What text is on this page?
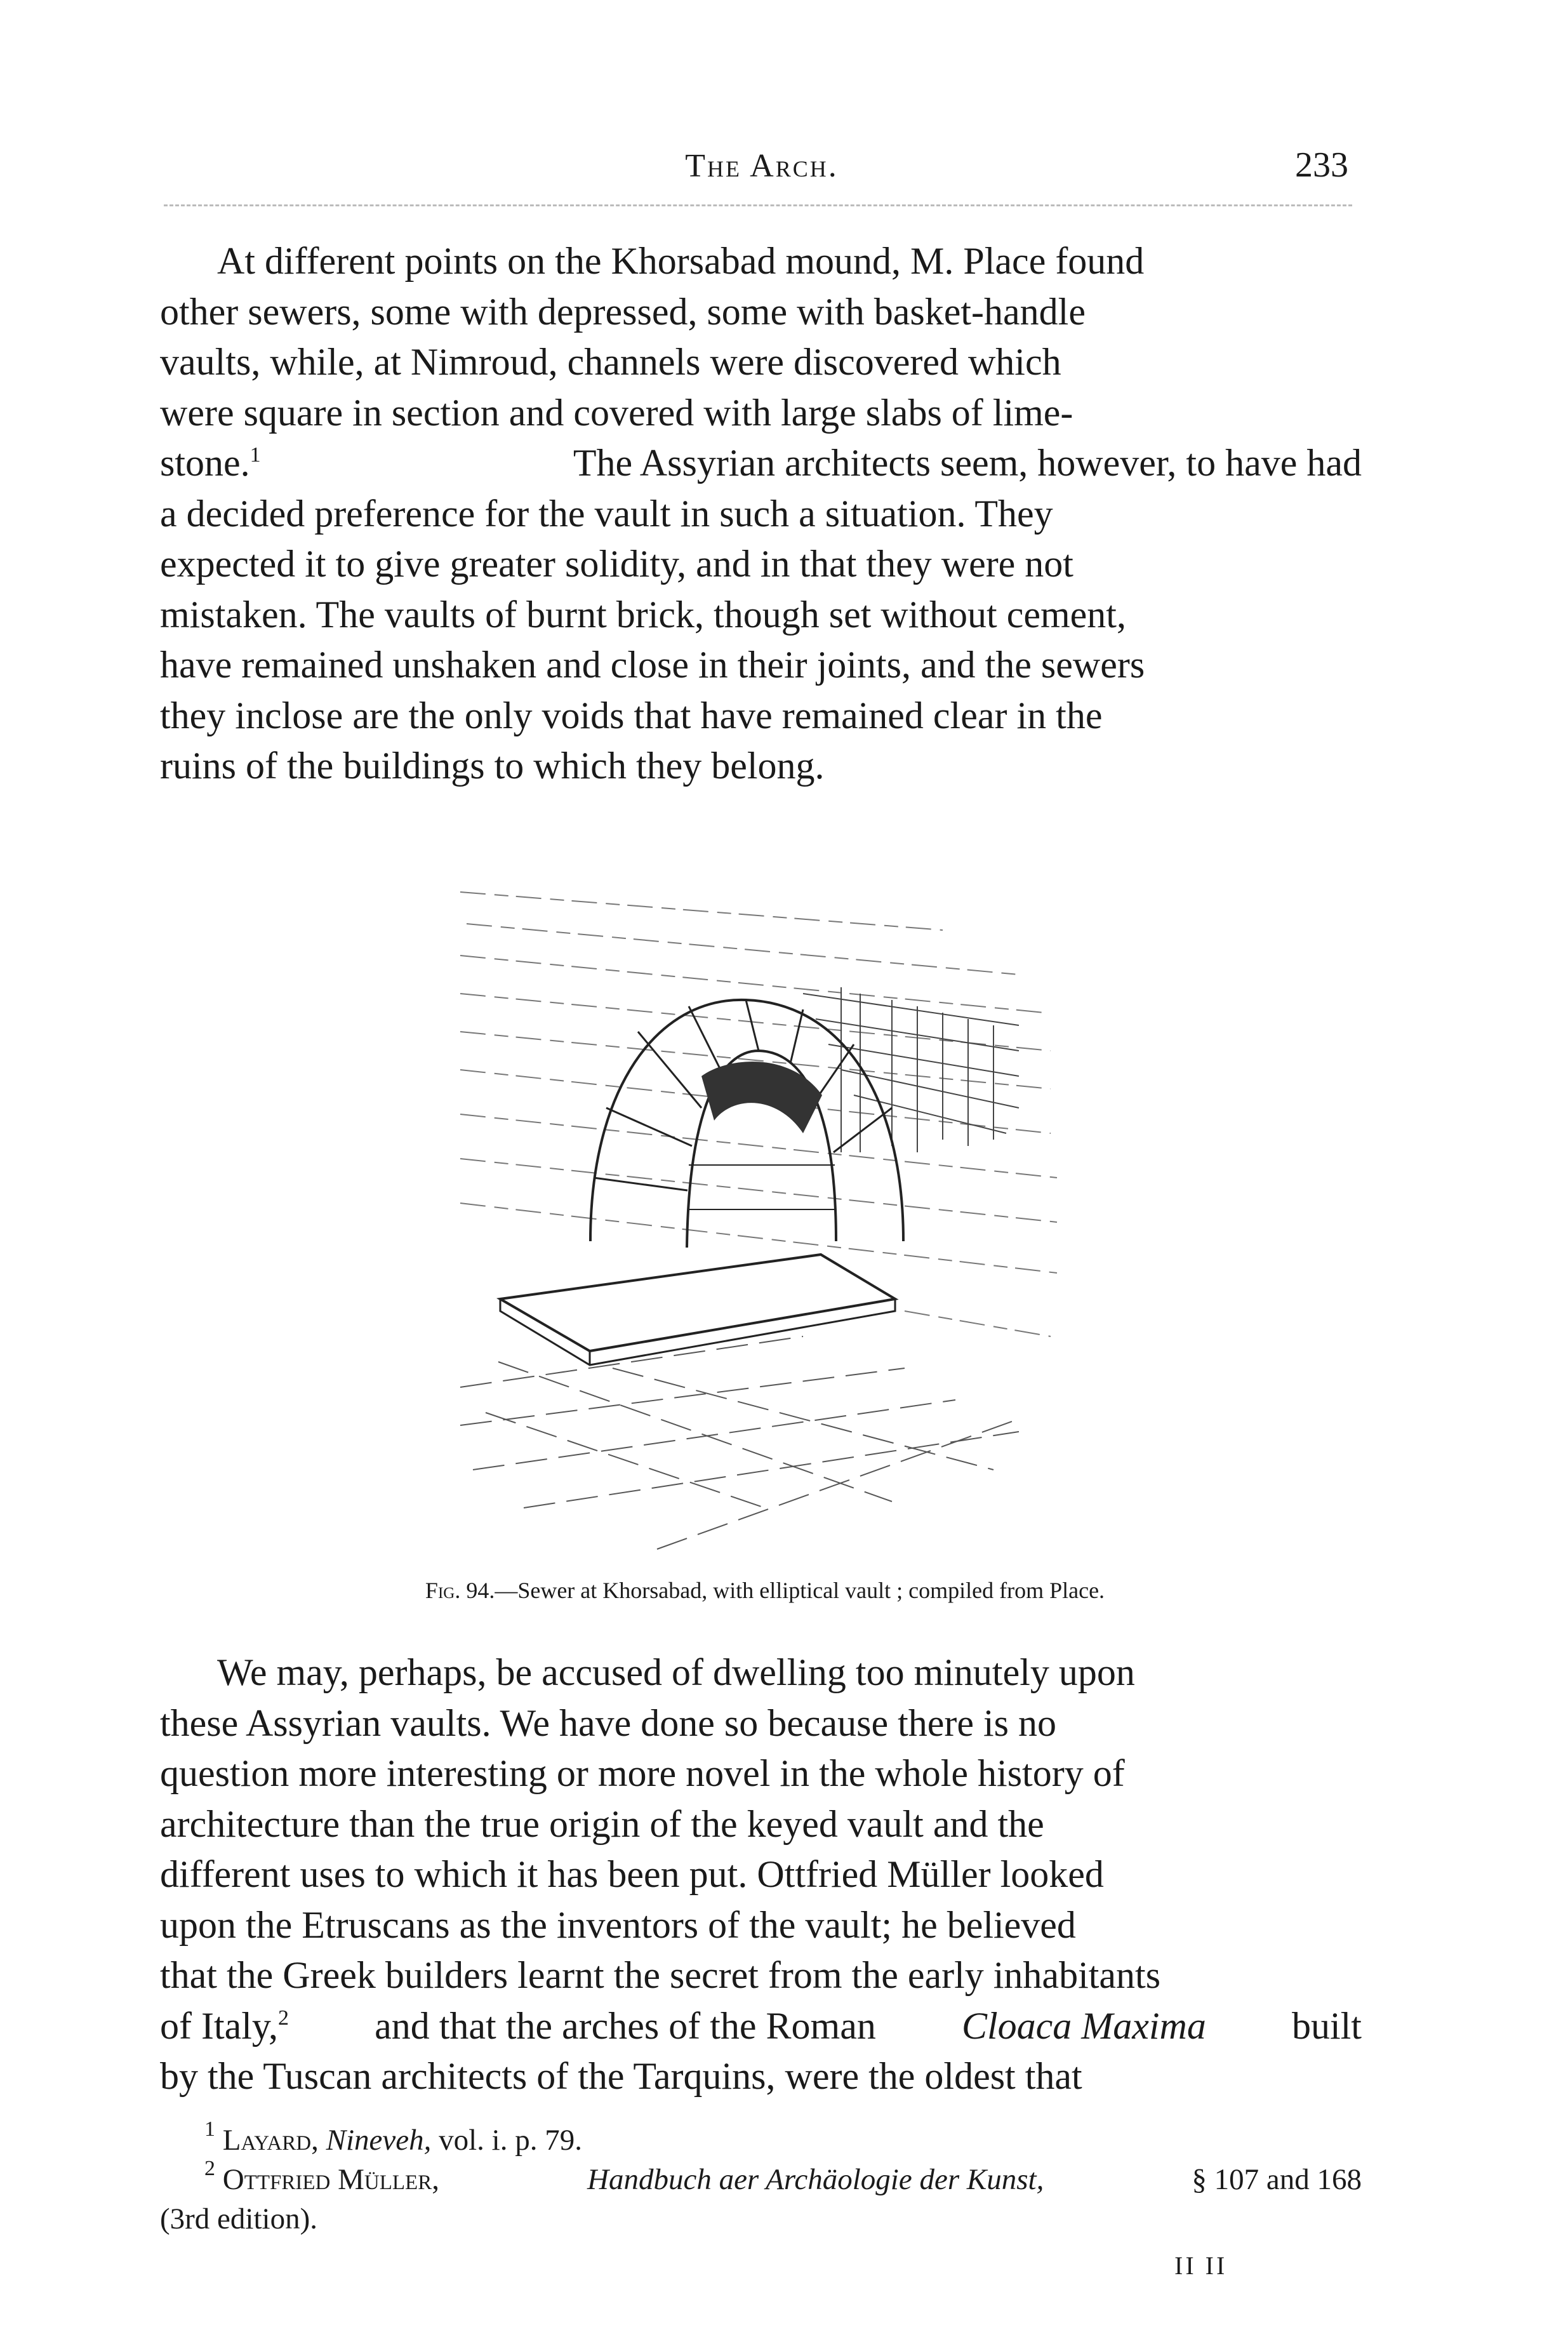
The Arch.	233
At different points on the Khorsabad mound, M. Place found
other sewers, some with depressed, some with basket-handle
vaults, while, at Nimroud, channels were discovered which
were square in section and covered with large slabs of lime-
stone.$^1$	The Assyrian architects seem, however, to have had
a decided preference for the vault in such a situation. They
expected it to give greater solidity, and in that they were not
mistaken. The vaults of burnt brick, though set without cement,
have remained unshaken and close in their joints, and the sewers
they inclose are the only voids that have remained clear in the
ruins of the buildings to which they belong.
Fig. 94.—Sewer at Khorsabad, with elliptical vault ; compiled from Place.
We may, perhaps, be accused of dwelling too minutely upon
these Assyrian vaults. We have done so because there is no
question more interesting or more novel in the whole history of
architecture than the true origin of the keyed vault and the
different uses to which it has been put. Ottfried Müller looked
upon the Etruscans as the inventors of the vault; he believed
that the Greek builders learnt the secret from the early inhabitants
of Italy,$^2$ and that the arches of the Roman Cloaca Maxima built
by the Tuscan architects of the Tarquins, were the oldest that
$^1$ Layard, Nineveh, vol. i. p. 79.
$^2$ Ottfried Müller,	Handbuch aer Archäologie der Kunst,	§ 107 and 168
(3rd edition).
II II
